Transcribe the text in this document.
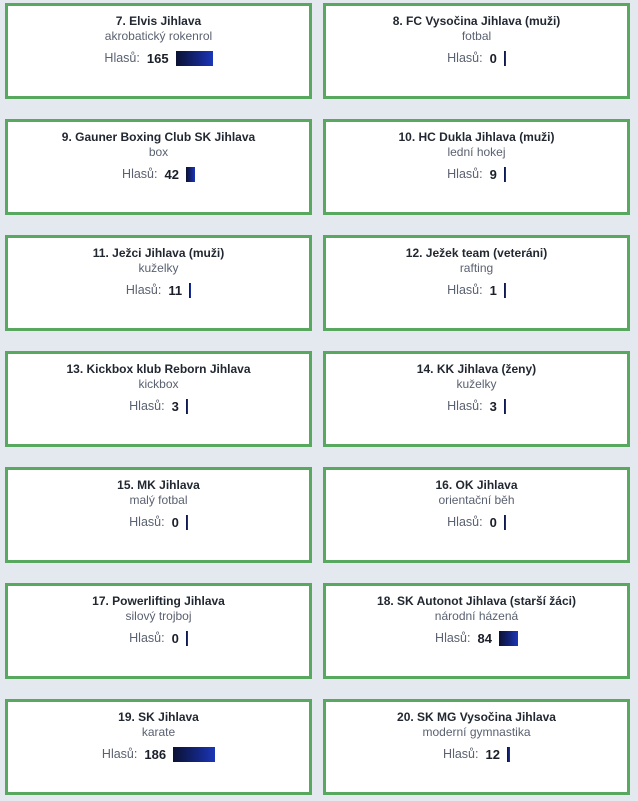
7. Elvis Jihlava
akrobatický rokenrol
Hlasů: 165
8. FC Vysočina Jihlava (muži)
fotbal
Hlasů: 0
9. Gauner Boxing Club SK Jihlava
box
Hlasů: 42
10. HC Dukla Jihlava (muži)
lední hokej
Hlasů: 9
11. Ježci Jihlava (muži)
kuželky
Hlasů: 11
12. Ježek team (veteráni)
rafting
Hlasů: 1
13. Kickbox klub Reborn Jihlava
kickbox
Hlasů: 3
14. KK Jihlava (ženy)
kuželky
Hlasů: 3
15. MK Jihlava
malý fotbal
Hlasů: 0
16. OK Jihlava
orientační běh
Hlasů: 0
17. Powerlifting Jihlava
silový trojboj
Hlasů: 0
18. SK Autonot Jihlava (starší žáci)
národní házená
Hlasů: 84
19. SK Jihlava
karate
Hlasů: 186
20. SK MG Vysočina Jihlava
moderní gymnastika
Hlasů: 12
